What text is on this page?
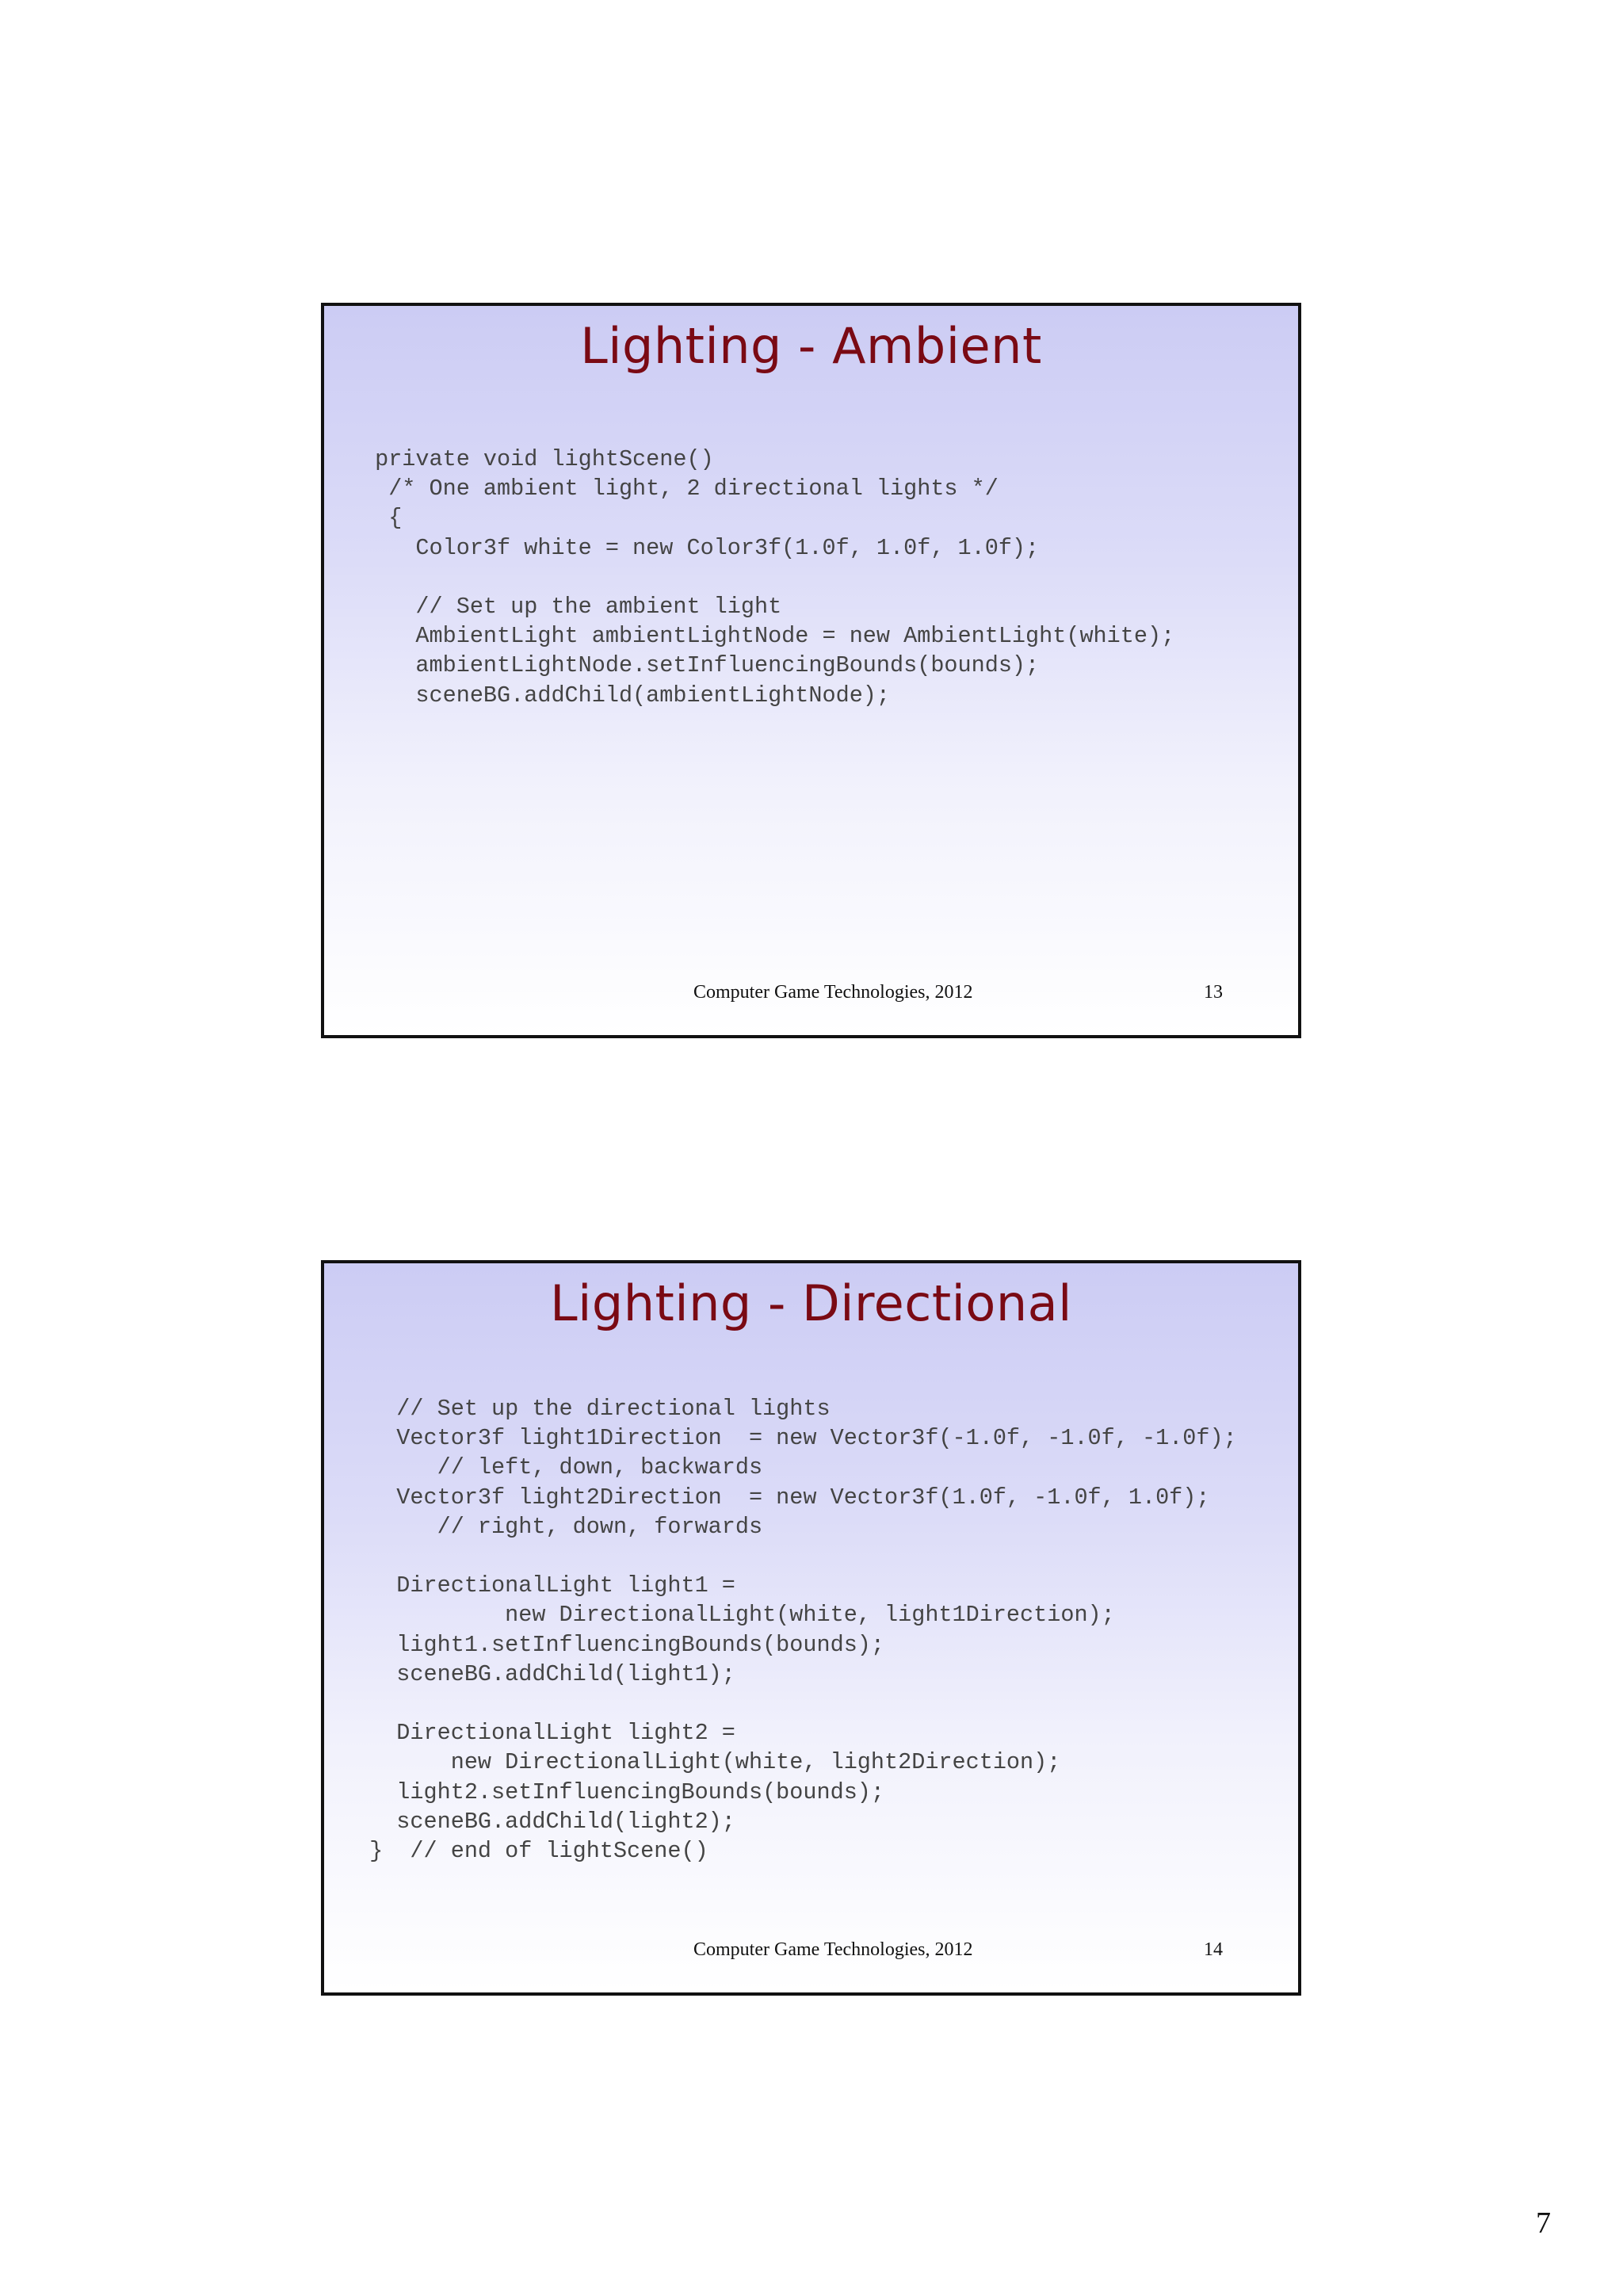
Lighting - Ambient
private void lightScene()
/* One ambient light, 2 directional lights */
{
Color3f white = new Color3f(1.0f, 1.0f, 1.0f);

// Set up the ambient light
AmbientLight ambientLightNode = new AmbientLight(white);
ambientLightNode.setInfluencingBounds(bounds);
sceneBG.addChild(ambientLightNode);
Computer Game Technologies, 2012	13
Lighting - Directional
// Set up the directional lights
Vector3f light1Direction  = new Vector3f(-1.0f, -1.0f, -1.0f);
// left, down, backwards
Vector3f light2Direction  = new Vector3f(1.0f, -1.0f, 1.0f);
// right, down, forwards

DirectionalLight light1 =
new DirectionalLight(white, light1Direction);
light1.setInfluencingBounds(bounds);
sceneBG.addChild(light1);

DirectionalLight light2 =
new DirectionalLight(white, light2Direction);
light2.setInfluencingBounds(bounds);
sceneBG.addChild(light2);
}  // end of lightScene()
Computer Game Technologies, 2012	14
7
